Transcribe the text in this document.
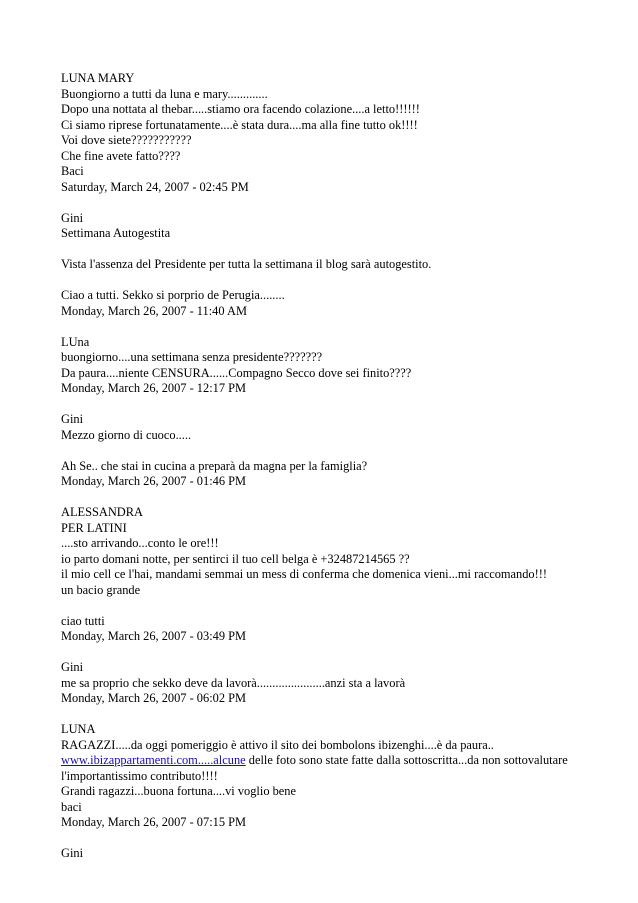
LUNA MARY
Buongiorno a tutti da luna e mary.............
Dopo una nottata al thebar.....stiamo ora facendo colazione....a letto!!!!!!
Ci siamo riprese fortunatamente....è stata dura....ma alla fine tutto ok!!!!
Voi dove siete???????????
Che fine avete fatto????
Baci
Saturday, March 24, 2007 - 02:45 PM
Gini
Settimana Autogestita
Vista l'assenza del Presidente per tutta la settimana il blog sarà autogestito.
Ciao a tutti. Sekko si porprio de Perugia........
Monday, March 26, 2007 - 11:40 AM
LUna
buongiorno....una settimana senza presidente???????
Da paura....niente CENSURA......Compagno Secco dove sei finito????
Monday, March 26, 2007 - 12:17 PM
Gini
Mezzo giorno di cuoco.....
Ah Se.. che stai in cucina a preparà da magna per la famiglia?
Monday, March 26, 2007 - 01:46 PM
ALESSANDRA
PER LATINI
....sto arrivando...conto le ore!!!
io parto domani notte, per sentirci il tuo cell belga è +32487214565 ??
il mio cell ce l'hai, mandami semmai un mess di conferma che domenica vieni...mi raccomando!!!
un bacio grande
ciao tutti
Monday, March 26, 2007 - 03:49 PM
Gini
me sa proprio che sekko deve da lavorà......................anzi sta a lavorà
Monday, March 26, 2007 - 06:02 PM
LUNA
RAGAZZI.....da oggi pomeriggio è attivo il sito dei bombolons ibizenghi....è da paura..
www.ibizappartamenti.com.....alcune delle foto sono state fatte dalla sottoscritta...da non sottovalutare l'importantissimo contributo!!!!
Grandi ragazzi...buona fortuna....vi voglio bene
baci
Monday, March 26, 2007 - 07:15 PM
Gini
